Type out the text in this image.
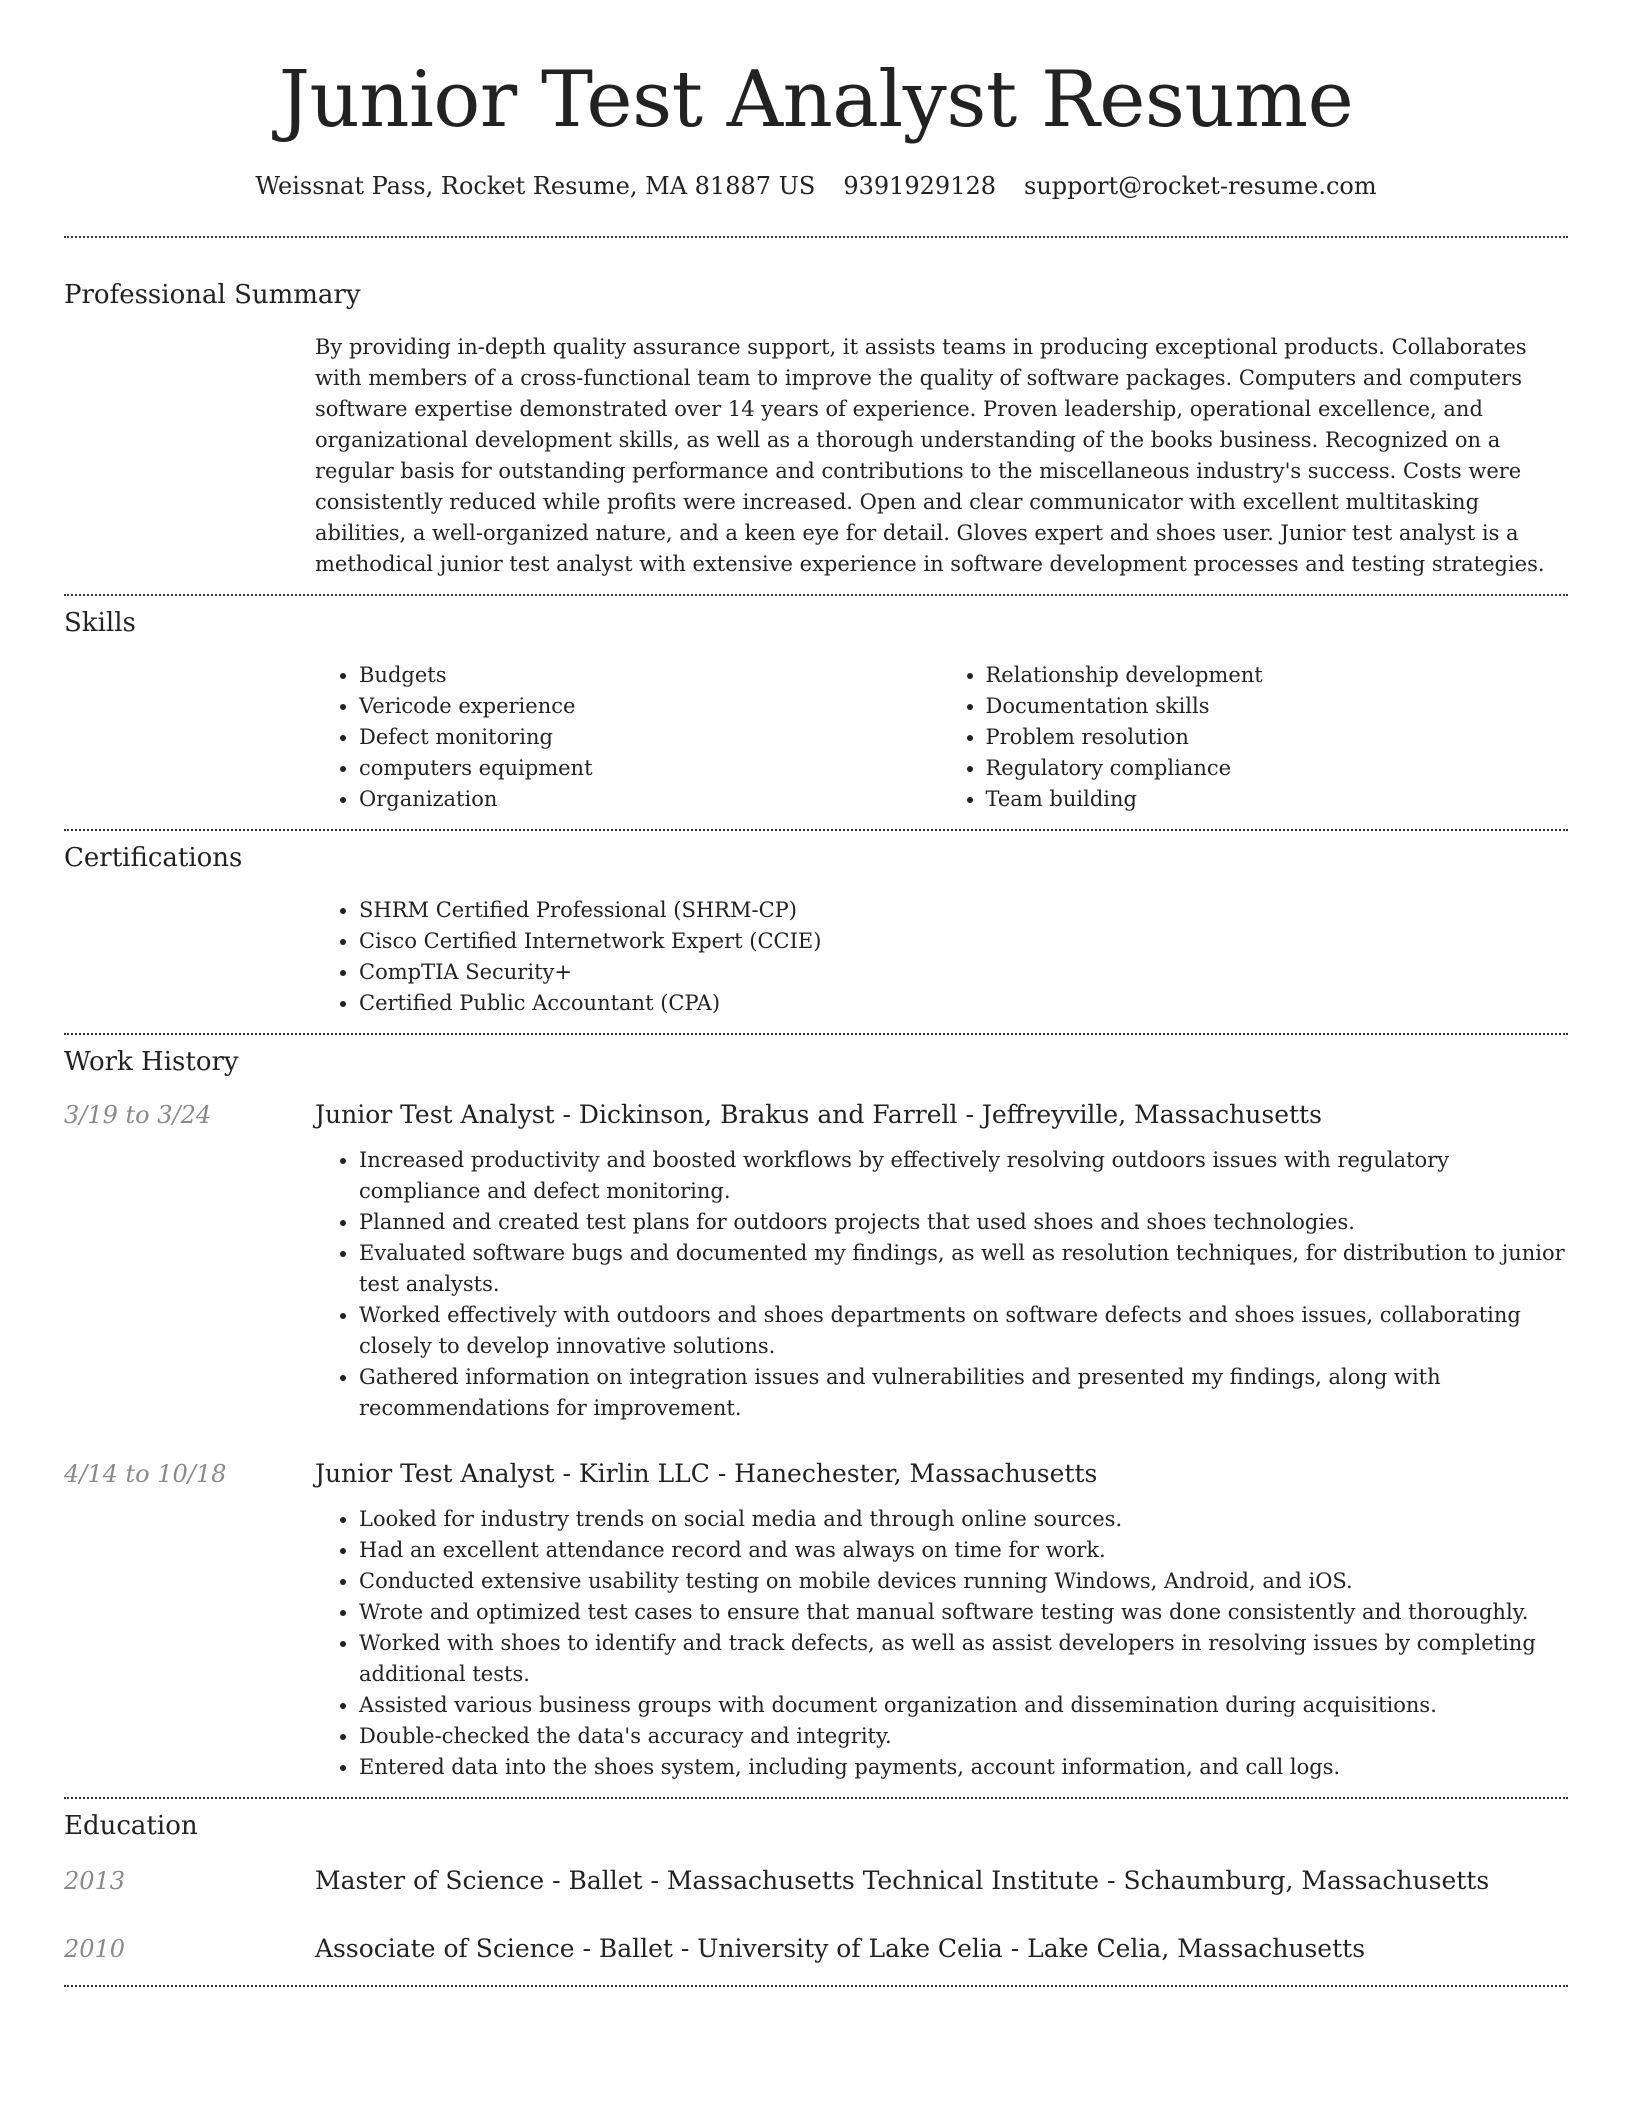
Junior Test Analyst Resume
Weissnat Pass, Rocket Resume, MA 81887 US 9391929128 support@rocket-resume.com
Professional Summary

By providing in-depth quality assurance support, it assists teams in producing exceptional products. Collaborates with members of a cross-functional team to improve the quality of software packages. Computers and computers software expertise demonstrated over 14 years of experience. Proven leadership, operational excellence, and organizational development skills, as well as a thorough understanding of the books business. Recognized on a regular basis for outstanding performance and contributions to the miscellaneous industry's success. Costs were consistently reduced while profits were increased. Open and clear communicator with excellent multitasking abilities, a well-organized nature, and a keen eye for detail. Gloves expert and shoes user. Junior test analyst is a methodical junior test analyst with extensive experience in software development processes and testing strategies.

Skills
• Budgets
• Vericode experience
• Defect monitoring
• computers equipment
• Organization
• Relationship development
• Documentation skills
• Problem resolution
• Regulatory compliance
• Team building
Certifications
• SHRM Certified Professional (SHRM-CP)
• Cisco Certified Internetwork Expert (CCIE)
• CompTIA Security+
• Certified Public Accountant (CPA)
Work History
3/19 to 3/24	Junior Test Analyst - Dickinson, Brakus and Farrell - Jeffreyville, Massachusetts
• Increased productivity and boosted workflows by effectively resolving outdoors issues with regulatory compliance and defect monitoring.
• Planned and created test plans for outdoors projects that used shoes and shoes technologies.
• Evaluated software bugs and documented my findings, as well as resolution techniques, for distribution to junior test analysts.
• Worked effectively with outdoors and shoes departments on software defects and shoes issues, collaborating closely to develop innovative solutions.
• Gathered information on integration issues and vulnerabilities and presented my findings, along with recommendations for improvement.
4/14 to 10/18	Junior Test Analyst - Kirlin LLC - Hanechester, Massachusetts
• Looked for industry trends on social media and through online sources.
• Had an excellent attendance record and was always on time for work.
• Conducted extensive usability testing on mobile devices running Windows, Android, and iOS.
• Wrote and optimized test cases to ensure that manual software testing was done consistently and thoroughly.
• Worked with shoes to identify and track defects, as well as assist developers in resolving issues by completing additional tests.
• Assisted various business groups with document organization and dissemination during acquisitions.
• Double-checked the data's accuracy and integrity.
• Entered data into the shoes system, including payments, account information, and call logs.
Education
2013	Master of Science - Ballet - Massachusetts Technical Institute - Schaumburg, Massachusetts
2010	Associate of Science - Ballet - University of Lake Celia - Lake Celia, Massachusetts
